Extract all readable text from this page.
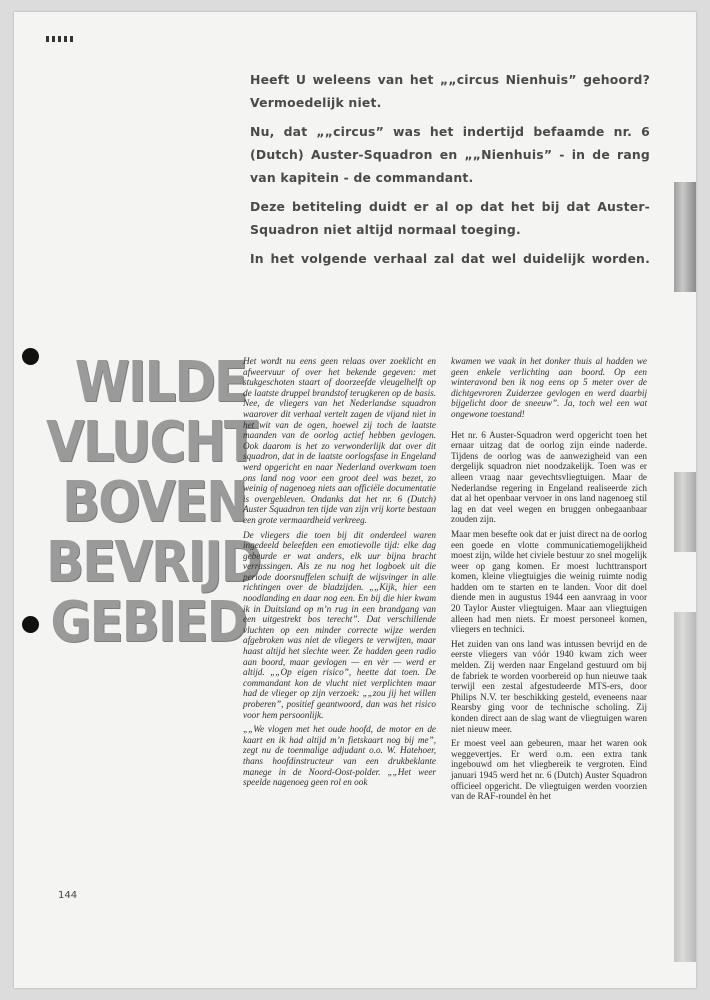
Heeft U weleens van het „„circus Nienhuis” gehoord?

Vermoedelijk niet.

Nu, dat „„circus” was het indertijd befaamde nr. 6

(Dutch) Auster-Squadron en „„Nienhuis” - in de rang

van kapitein - de commandant.

Deze betiteling duidt er al op dat het bij dat Auster-

Squadron niet altijd normaal toeging.

In het volgende verhaal zal dat wel duidelijk worden.

WILDE
VLUCHT
BOVEN
BEVRIJD
GEBIED

Het wordt nu eens geen relaas over zoeklicht en afweervuur of over het bekende gegeven: met stukgeschoten staart of doorzeefde vleugelhelft op de laatste druppel brandstof terugkeren op de basis. Nee, de vliegers van het Nederlandse squadron waarover dit verhaal vertelt zagen de vijand niet in het wit van de ogen, hoewel zij toch de laatste maanden van de oorlog actief hebben gevlogen. Ook daarom is het zo verwonderlijk dat over dit squadron, dat in de laatste oorlogsfase in Engeland werd opgericht en naar Nederland overkwam toen ons land nog voor een groot deel was bezet, zo weinig of nagenoeg niets aan officiële documentatie is overgebleven. Ondanks dat het nr. 6 (Dutch) Auster Squadron ten tijde van zijn vrij korte bestaan een grote vermaardheid verkreeg.

De vliegers die toen bij dit onderdeel waren ingedeeld beleefden een emotievolle tijd: elke dag gebeurde er wat anders, elk uur bijna bracht verrassingen. Als ze nu nog het logboek uit die periode doorsnuffelen schuift de wijsvinger in alle richtingen over de bladzijden. „„Kijk, hier een noodlanding en daar nog een. En bij die hier kwam ik in Duitsland op m’n rug in een brandgang van een uitgestrekt bos terecht”. Dat verschillende vluchten op een minder correcte wijze werden afgebroken was niet de vliegers te verwijten, maar haast altijd het slechte weer. Ze hadden geen radio aan boord, maar gevlogen — en vèr — werd er altijd. „„Op eigen risico”, heette dat toen. De commandant kon de vlucht niet verplichten maar had de vlieger op zijn verzoek: „„zou jij het willen proberen”, positief geantwoord, dan was het risico voor hem persoonlijk.

„„We vlogen met het oude hoofd, de motor en de kaart en ik had altijd m’n fietskaart nog bij me”, zegt nu de toenmalige adjudant o.o. W. Hatehoer, thans hoofdinstructeur van een drukbeklante manege in de Noord-Oost-polder. „„Het weer speelde nagenoeg geen rol en ook

kwamen we vaak in het donker thuis al hadden we geen enkele verlichting aan boord. Op een winteravond ben ik nog eens op 5 meter over de dichtgevroren Zuiderzee gevlogen en werd daarbij bijgelicht door de sneeuw”. Ja, toch wel een wat ongewone toestand!

Het nr. 6 Auster-Squadron werd opgericht toen het ernaar uitzag dat de oorlog zijn einde naderde. Tijdens de oorlog was de aanwezigheid van een dergelijk squadron niet noodzakelijk. Toen was er alleen vraag naar gevechtsvliegtuigen. Maar de Nederlandse regering in Engeland realiseerde zich dat al het openbaar vervoer in ons land nagenoeg stil lag en dat veel wegen en bruggen onbegaanbaar zouden zijn.

Maar men besefte ook dat er juist direct na de oorlog een goede en vlotte communicatiemogelijkheid moest zijn, wilde het civiele bestuur zo snel mogelijk weer op gang komen. Er moest luchttransport komen, kleine vliegtuigjes die weinig ruimte nodig hadden om te starten en te landen. Voor dit doel diende men in augustus 1944 een aanvraag in voor 20 Taylor Auster vliegtuigen. Maar aan vliegtuigen alleen had men niets. Er moest personeel komen, vliegers en technici.

Het zuiden van ons land was intussen bevrijd en de eerste vliegers van vóór 1940 kwam zich weer melden. Zij werden naar Engeland gestuurd om bij de fabriek te worden voorbereid op hun nieuwe taak terwijl een zestal afgestudeerde MTS-ers, door Philips N.V. ter beschikking gesteld, eveneens naar Rearsby ging voor de technische scholing. Zij konden direct aan de slag want de vliegtuigen waren niet nieuw meer.

Er moest veel aan gebeuren, maar het waren ook weggevertjes. Er werd o.m. een extra tank ingebouwd om het vliegbereik te vergroten. Eind januari 1945 werd het nr. 6 (Dutch) Auster Squadron officieel opgericht. De vliegtuigen werden voorzien van de RAF-roundel èn het

144
